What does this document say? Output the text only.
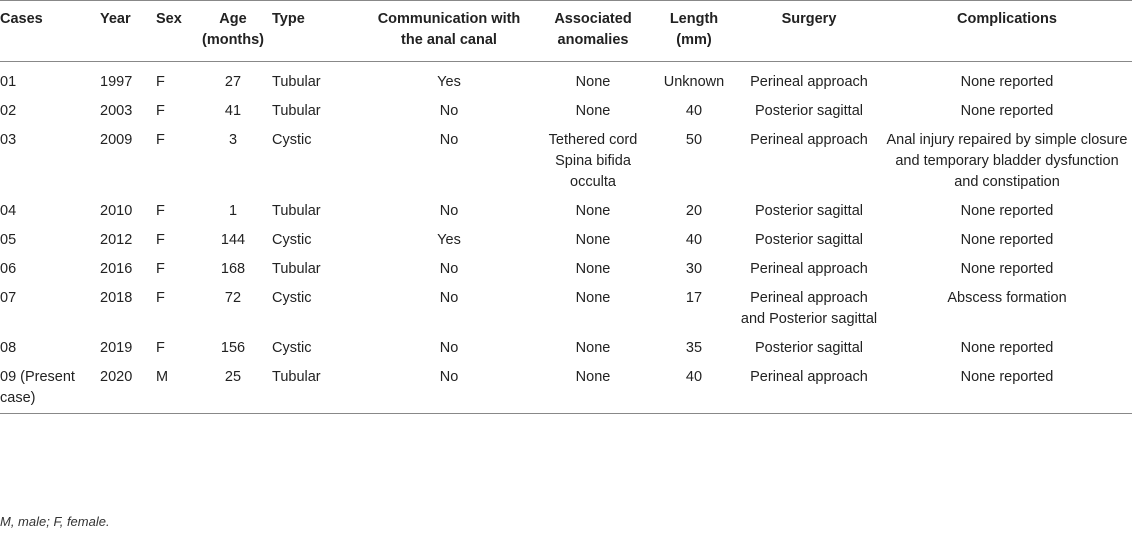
Cases	Year	Sex	Age (months)	Type	Communication with the anal canal	Associated anomalies	Length (mm)	Surgery	Complications
01	1997	F	27	Tubular	Yes	None	Unknown	Perineal approach	None reported
02	2003	F	41	Tubular	No	None	40	Posterior sagittal	None reported
03	2009	F	3	Cystic	No	Tethered cord Spina bifida occulta	50	Perineal approach	Anal injury repaired by simple closure and temporary bladder dysfunction and constipation
04	2010	F	1	Tubular	No	None	20	Posterior sagittal	None reported
05	2012	F	144	Cystic	Yes	None	40	Posterior sagittal	None reported
06	2016	F	168	Tubular	No	None	30	Perineal approach	None reported
07	2018	F	72	Cystic	No	None	17	Perineal approach and Posterior sagittal	Abscess formation
08	2019	F	156	Cystic	No	None	35	Posterior sagittal	None reported
09 (Present case)	2020	M	25	Tubular	No	None	40	Perineal approach	None reported
M, male; F, female.
